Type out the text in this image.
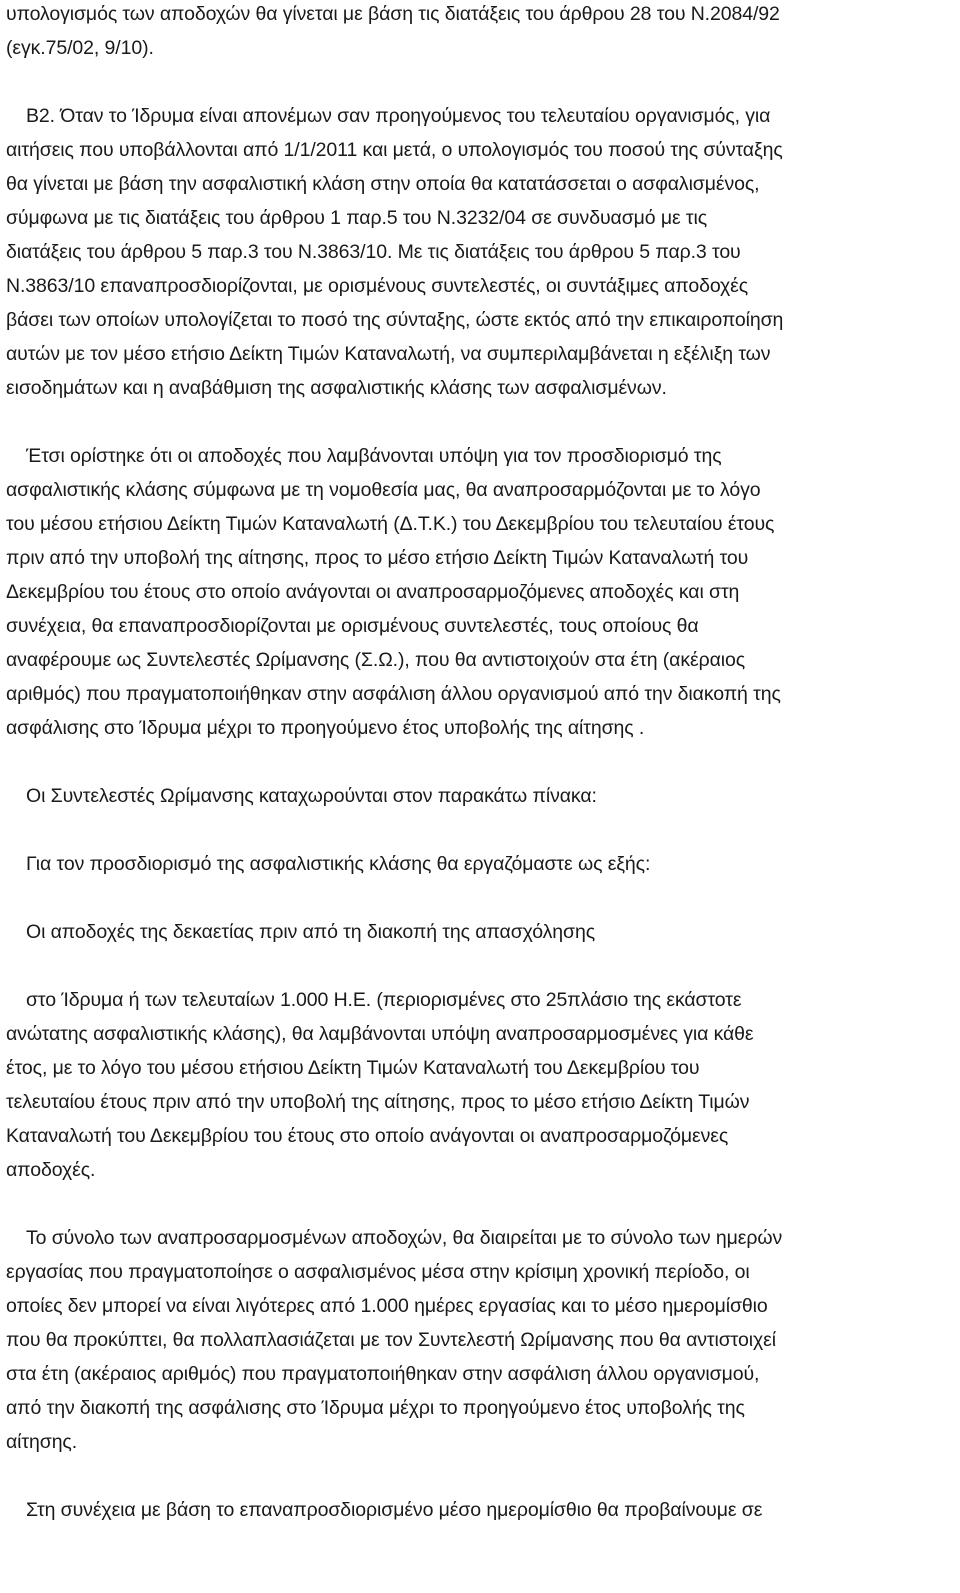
υπολογισμός των αποδοχών θα γίνεται με βάση τις διατάξεις του άρθρου 28 του Ν.2084/92
(εγκ.75/02, 9/10).
Β2. Όταν το Ίδρυμα είναι απονέμων σαν προηγούμενος του τελευταίου οργανισμός, για
αιτήσεις που υποβάλλονται από 1/1/2011 και μετά, ο υπολογισμός του ποσού της σύνταξης
θα γίνεται με βάση την ασφαλιστική κλάση στην οποία θα κατατάσσεται ο ασφαλισμένος,
σύμφωνα με τις διατάξεις του άρθρου 1 παρ.5 του Ν.3232/04 σε συνδυασμό με τις
διατάξεις του άρθρου 5 παρ.3 του Ν.3863/10. Με τις διατάξεις του άρθρου 5 παρ.3 του
Ν.3863/10 επαναπροσδιορίζονται, με ορισμένους συντελεστές, οι συντάξιμες αποδοχές
βάσει των οποίων υπολογίζεται το ποσό της σύνταξης, ώστε εκτός από την επικαιροποίηση
αυτών με τον μέσο ετήσιο Δείκτη Τιμών Καταναλωτή, να συμπεριλαμβάνεται η εξέλιξη των
εισοδημάτων και η αναβάθμιση της ασφαλιστικής κλάσης των ασφαλισμένων.
Έτσι ορίστηκε ότι οι αποδοχές που λαμβάνονται υπόψη για τον προσδιορισμό της
ασφαλιστικής κλάσης σύμφωνα με τη νομοθεσία μας, θα αναπροσαρμόζονται με το λόγο
του μέσου ετήσιου Δείκτη Τιμών Καταναλωτή (Δ.Τ.Κ.) του Δεκεμβρίου του τελευταίου έτους
πριν από την υποβολή της αίτησης, προς το μέσο ετήσιο Δείκτη Τιμών Καταναλωτή του
Δεκεμβρίου του έτους στο οποίο ανάγονται οι αναπροσαρμοζόμενες αποδοχές και στη
συνέχεια, θα επαναπροσδιορίζονται με ορισμένους συντελεστές, τους οποίους θα
αναφέρουμε ως Συντελεστές Ωρίμανσης (Σ.Ω.), που θα αντιστοιχούν στα έτη (ακέραιος
αριθμός) που πραγματοποιήθηκαν στην ασφάλιση άλλου οργανισμού από την διακοπή της
ασφάλισης στο Ίδρυμα μέχρι το προηγούμενο έτος υποβολής της αίτησης .
Οι Συντελεστές Ωρίμανσης καταχωρούνται στον παρακάτω πίνακα:
Για τον προσδιορισμό της ασφαλιστικής κλάσης θα εργαζόμαστε ως εξής:
Οι αποδοχές της δεκαετίας πριν από τη διακοπή της απασχόλησης
στο Ίδρυμα ή των τελευταίων 1.000 Η.Ε. (περιορισμένες στο 25πλάσιο της εκάστοτε
ανώτατης ασφαλιστικής κλάσης), θα λαμβάνονται υπόψη αναπροσαρμοσμένες για κάθε
έτος, με το λόγο του μέσου ετήσιου Δείκτη Τιμών Καταναλωτή του Δεκεμβρίου του
τελευταίου έτους πριν από την υποβολή της αίτησης, προς το μέσο ετήσιο Δείκτη Τιμών
Καταναλωτή του Δεκεμβρίου του έτους στο οποίο ανάγονται οι αναπροσαρμοζόμενες
αποδοχές.
Το σύνολο των αναπροσαρμοσμένων αποδοχών, θα διαιρείται με το σύνολο των ημερών
εργασίας που πραγματοποίησε ο ασφαλισμένος μέσα στην κρίσιμη χρονική περίοδο, οι
οποίες δεν μπορεί να είναι λιγότερες από 1.000 ημέρες εργασίας και το μέσο ημερομίσθιο
που θα προκύπτει, θα πολλαπλασιάζεται με τον Συντελεστή Ωρίμανσης που θα αντιστοιχεί
στα έτη (ακέραιος αριθμός) που πραγματοποιήθηκαν στην ασφάλιση άλλου οργανισμού,
από την διακοπή της ασφάλισης στο Ίδρυμα μέχρι το προηγούμενο έτος υποβολής της
αίτησης.
Στη συνέχεια με βάση το επαναπροσδιορισμένο μέσο ημερομίσθιο θα προβαίνουμε σε
